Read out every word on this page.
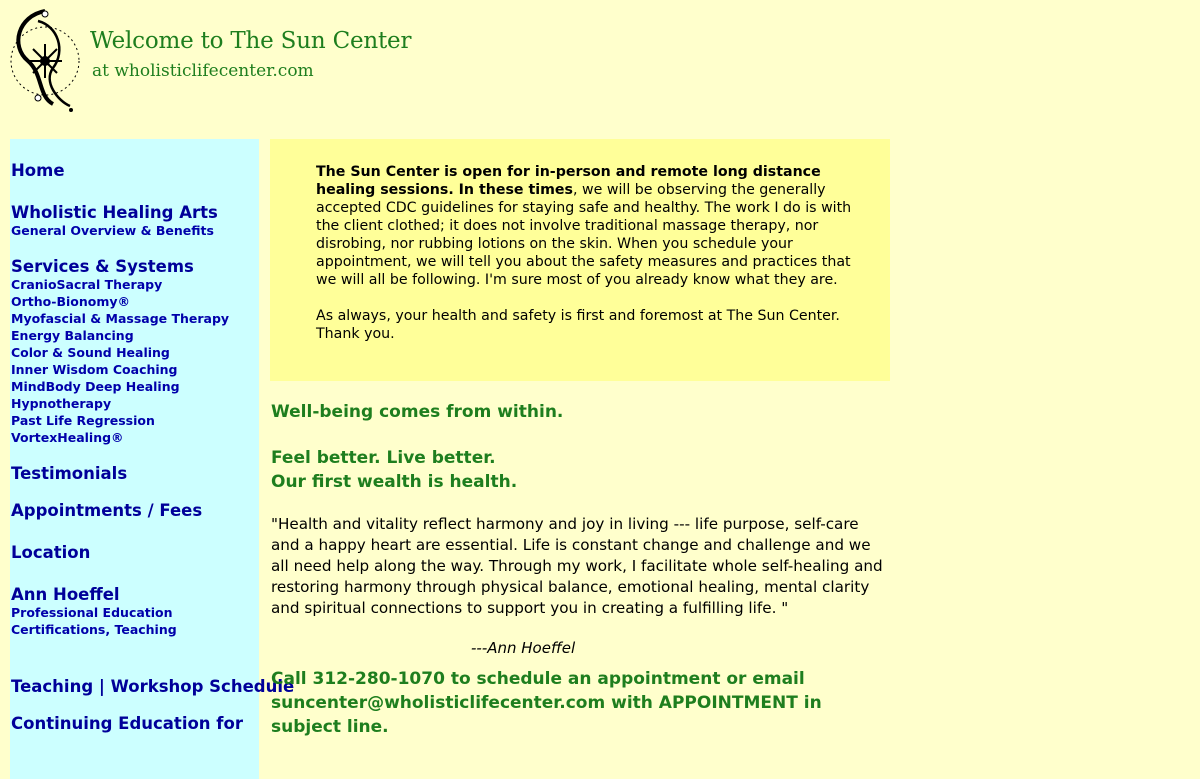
Welcome to The Sun Center

at wholisticlifecenter.com

Home
Wholistic Healing Arts
General Overview & Benefits
Services & Systems
CranioSacral Therapy
Ortho-Bionomy®
Myofascial & Massage Therapy
Energy Balancing
Color & Sound Healing
Inner Wisdom Coaching
MindBody Deep Healing
Hypnotherapy
Past Life Regression
VortexHealing®
Testimonials
Appointments / Fees
Location
Ann Hoeffel
Professional Education
Certifications, Teaching
Teaching | Workshop Schedule
Continuing Education for

The Sun Center is open for in-person and remote long distance healing sessions. In these times, we will be observing the generally accepted CDC guidelines for staying safe and healthy. The work I do is with the client clothed; it does not involve traditional massage therapy, nor disrobing, nor rubbing lotions on the skin. When you schedule your appointment, we will tell you about the safety measures and practices that we will all be following. I'm sure most of you already know what they are.

As always, your health and safety is first and foremost at The Sun Center. Thank you.

Well-being comes from within.

Feel better. Live better.

Our first wealth is health.

"Health and vitality reflect harmony and joy in living --- life purpose, self-care and a happy heart are essential. Life is constant change and challenge and we all need help along the way. Through my work, I facilitate whole self-healing and restoring harmony through physical balance, emotional healing, mental clarity and spiritual connections to support you in creating a fulfilling life. "

---Ann Hoeffel

Call 312-280-1070 to schedule an appointment or email suncenter@wholisticlifecenter.com with APPOINTMENT in subject line.
